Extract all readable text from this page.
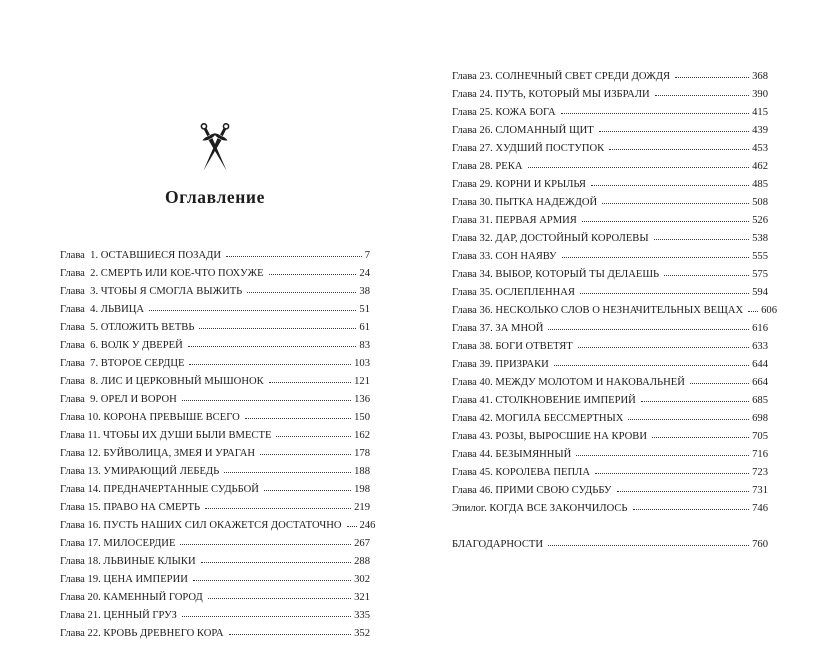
Оглавление
Глава  1. ОСТАВШИЕСЯ ПОЗАДИ	7
Глава  2. СМЕРТЬ ИЛИ КОЕ-ЧТО ПОХУЖЕ	24
Глава  3. ЧТОБЫ Я СМОГЛА ВЫЖИТЬ	38
Глава  4. ЛЬВИЦА	51
Глава  5. ОТЛОЖИТЬ ВЕТВЬ	61
Глава  6. ВОЛК У ДВЕРЕЙ	83
Глава  7. ВТОРОЕ СЕРДЦЕ	103
Глава  8. ЛИС И ЦЕРКОВНЫЙ МЫШОНОК	121
Глава  9. ОРЕЛ И ВОРОН	136
Глава 10. КОРОНА ПРЕВЫШЕ ВСЕГО	150
Глава 11. ЧТОБЫ ИХ ДУШИ БЫЛИ ВМЕСТЕ	162
Глава 12. БУЙВОЛИЦА, ЗМЕЯ И УРАГАН	178
Глава 13. УМИРАЮЩИЙ ЛЕБЕДЬ	188
Глава 14. ПРЕДНАЧЕРТАННЫЕ СУДЬБОЙ	198
Глава 15. ПРАВО НА СМЕРТЬ	219
Глава 16. ПУСТЬ НАШИХ СИЛ ОКАЖЕТСЯ ДОСТАТОЧНО 246
Глава 17. МИЛОСЕРДИЕ	267
Глава 18. ЛЬВИНЫЕ КЛЫКИ	288
Глава 19. ЦЕНА ИМПЕРИИ	302
Глава 20. КАМЕННЫЙ ГОРОД	321
Глава 21. ЦЕННЫЙ ГРУЗ	335
Глава 22. КРОВЬ ДРЕВНЕГО КОРА	352
Глава 23. СОЛНЕЧНЫЙ СВЕТ СРЕДИ ДОЖДЯ	368
Глава 24. ПУТЬ, КОТОРЫЙ МЫ ИЗБРАЛИ	390
Глава 25. КОЖА БОГА	415
Глава 26. СЛОМАННЫЙ ЩИТ	439
Глава 27. ХУДШИЙ ПОСТУПОК	453
Глава 28. РЕКА	462
Глава 29. КОРНИ И КРЫЛЬЯ	485
Глава 30. ПЫТКА НАДЕЖДОЙ	508
Глава 31. ПЕРВАЯ АРМИЯ	526
Глава 32. ДАР, ДОСТОЙНЫЙ КОРОЛЕВЫ	538
Глава 33. СОН НАЯВУ	555
Глава 34. ВЫБОР, КОТОРЫЙ ТЫ ДЕЛАЕШЬ	575
Глава 35. ОСЛЕПЛЕННАЯ	594
Глава 36. НЕСКОЛЬКО СЛОВ О НЕЗНАЧИТЕЛЬНЫХ ВЕЩАХ 606
Глава 37. ЗА МНОЙ	616
Глава 38. БОГИ ОТВЕТЯТ	633
Глава 39. ПРИЗРАКИ	644
Глава 40. МЕЖДУ МОЛОТОМ И НАКОВАЛЬНЕЙ	664
Глава 41. СТОЛКНОВЕНИЕ ИМПЕРИЙ	685
Глава 42. МОГИЛА БЕССМЕРТНЫХ	698
Глава 43. РОЗЫ, ВЫРОСШИЕ НА КРОВИ	705
Глава 44. БЕЗЫМЯННЫЙ	716
Глава 45. КОРОЛЕВА ПЕПЛА	723
Глава 46. ПРИМИ СВОЮ СУДЬБУ	731
Эпилог. КОГДА ВСЕ ЗАКОНЧИЛОСЬ	746
БЛАГОДАРНОСТИ	760
